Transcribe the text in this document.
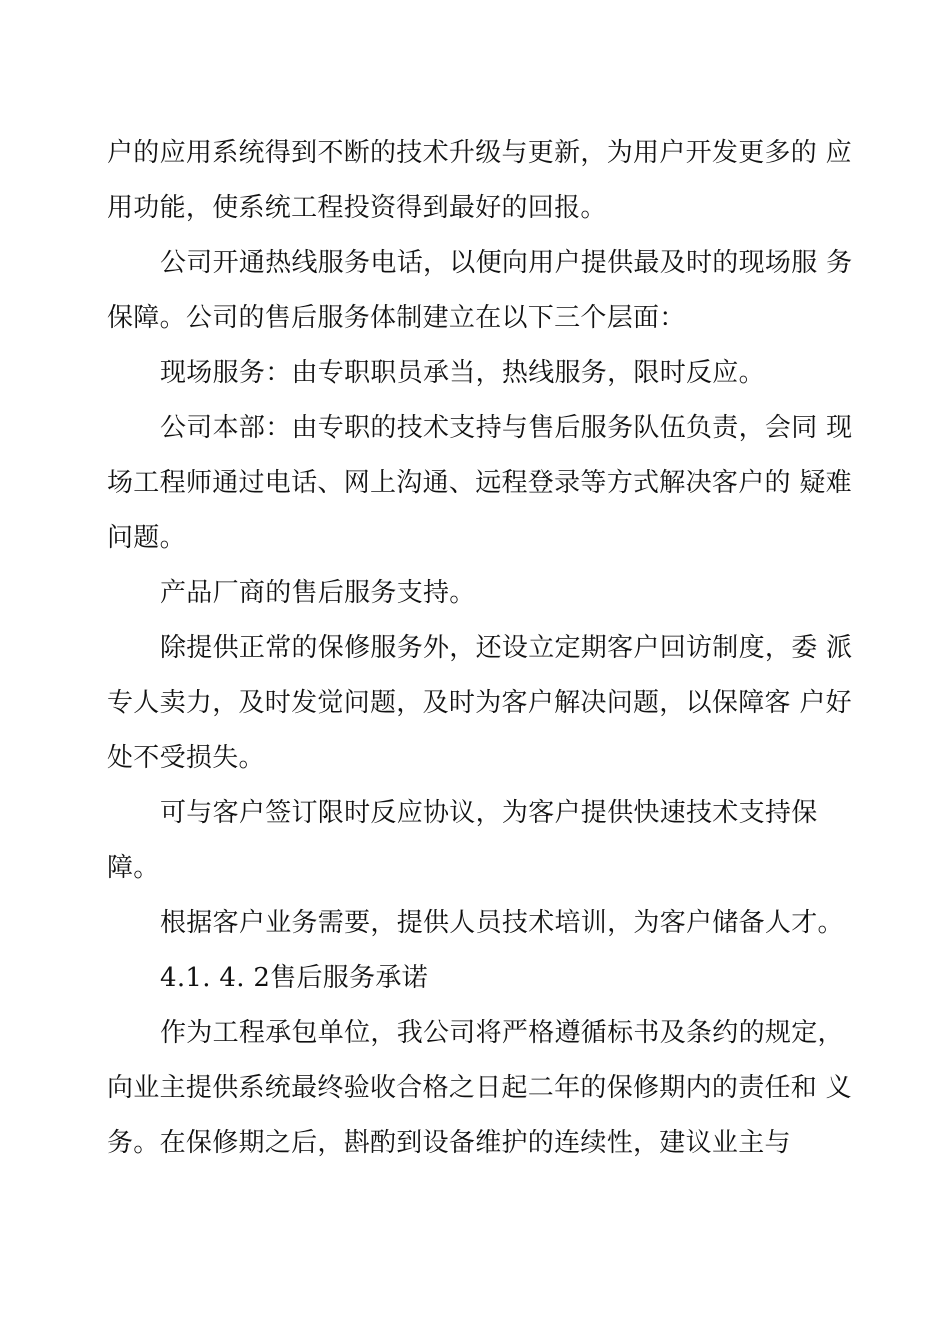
户的应用系统得到不断的技术升级与更新，为用户开发更多的 应
用功能，使系统工程投资得到最好的回报。
公司开通热线服务电话，以便向用户提供最及时的现场服 务
保障。公司的售后服务体制建立在以下三个层面：
现场服务：由专职职员承当，热线服务，限时反应。
公司本部：由专职的技术支持与售后服务队伍负责，会同 现
场工程师通过电话、网上沟通、远程登录等方式解决客户的 疑难
问题。
产品厂商的售后服务支持。
除提供正常的保修服务外，还设立定期客户回访制度，委 派
专人卖力，及时发觉问题，及时为客户解决问题，以保障客 户好
处不受损失。
可与客户签订限时反应协议，为客户提供快速技术支持保
障。
根据客户业务需要，提供人员技术培训，为客户储备人才。
4.1. 4. 2售后服务承诺
作为工程承包单位，我公司将严格遵循标书及条约的规定，
向业主提供系统最终验收合格之日起二年的保修期内的责任和 义
务。在保修期之后，斟酌到设备维护的连续性，建议业主与
